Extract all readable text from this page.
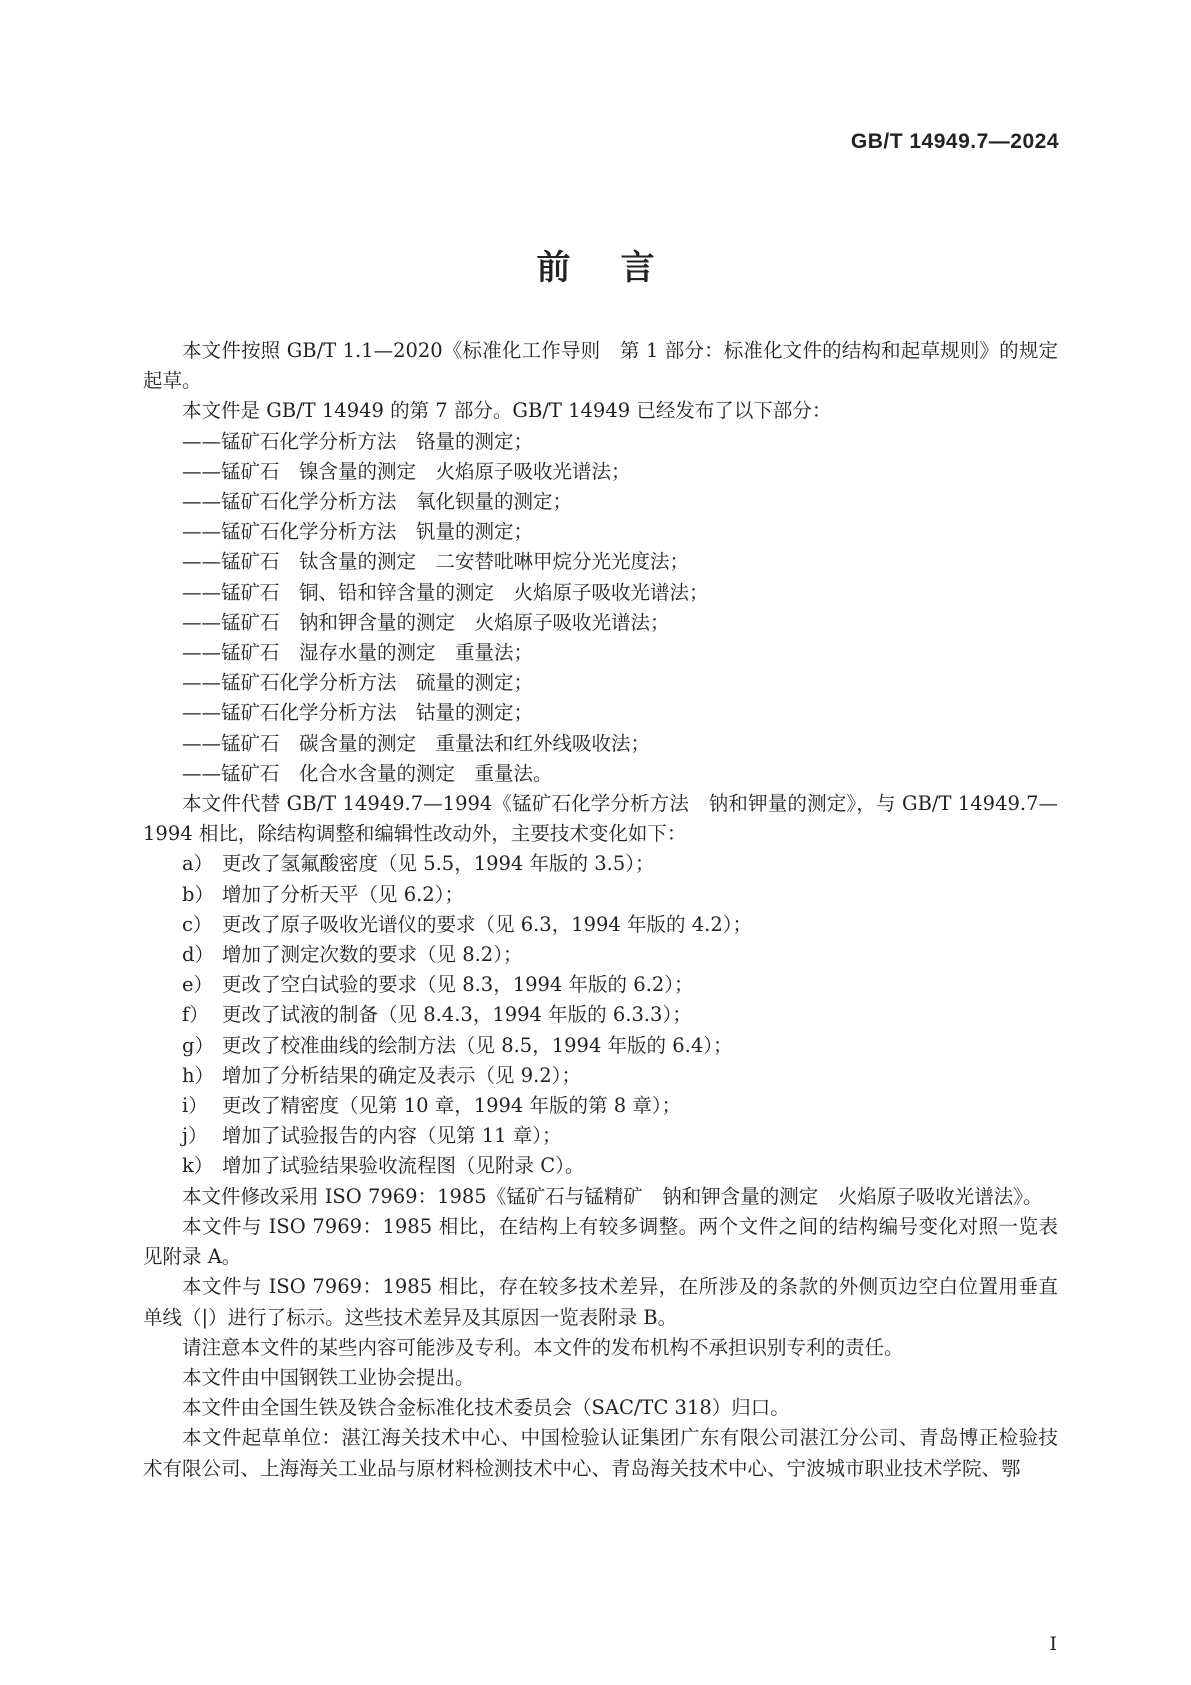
GB/T 14949.7—2024
前 言

本文件按照 GB/T 1.1—2020《标准化工作导则　第 1 部分：标准化文件的结构和起草规则》的规定起草。

本文件是 GB/T 14949 的第 7 部分。GB/T 14949 已经发布了以下部分：

——锰矿石化学分析方法　铬量的测定；

——锰矿石　镍含量的测定　火焰原子吸收光谱法；

——锰矿石化学分析方法　氧化钡量的测定；

——锰矿石化学分析方法　钒量的测定；

——锰矿石　钛含量的测定　二安替吡啉甲烷分光光度法；

——锰矿石　铜、铅和锌含量的测定　火焰原子吸收光谱法；

——锰矿石　钠和钾含量的测定　火焰原子吸收光谱法；

——锰矿石　湿存水量的测定　重量法；

——锰矿石化学分析方法　硫量的测定；

——锰矿石化学分析方法　钴量的测定；

——锰矿石　碳含量的测定　重量法和红外线吸收法；

——锰矿石　化合水含量的测定　重量法。

本文件代替 GB/T 14949.7—1994《锰矿石化学分析方法　钠和钾量的测定》，与 GB/T 14949.7—1994 相比，除结构调整和编辑性改动外，主要技术变化如下：

a） 更改了氢氟酸密度（见 5.5，1994 年版的 3.5）；
b） 增加了分析天平（见 6.2）；
c） 更改了原子吸收光谱仪的要求（见 6.3，1994 年版的 4.2）；
d） 增加了测定次数的要求（见 8.2）；
e） 更改了空白试验的要求（见 8.3，1994 年版的 6.2）；
f） 更改了试液的制备（见 8.4.3，1994 年版的 6.3.3）；
g） 更改了校准曲线的绘制方法（见 8.5，1994 年版的 6.4）；
h） 增加了分析结果的确定及表示（见 9.2）；
i） 更改了精密度（见第 10 章，1994 年版的第 8 章）；
j） 增加了试验报告的内容（见第 11 章）；
k） 增加了试验结果验收流程图（见附录 C）。

本文件修改采用 ISO 7969：1985《锰矿石与锰精矿　钠和钾含量的测定　火焰原子吸收光谱法》。

本文件与 ISO 7969：1985 相比，在结构上有较多调整。两个文件之间的结构编号变化对照一览表见附录 A。

本文件与 ISO 7969：1985 相比，存在较多技术差异，在所涉及的条款的外侧页边空白位置用垂直单线（|）进行了标示。这些技术差异及其原因一览表附录 B。

请注意本文件的某些内容可能涉及专利。本文件的发布机构不承担识别专利的责任。

本文件由中国钢铁工业协会提出。

本文件由全国生铁及铁合金标准化技术委员会（SAC/TC 318）归口。

本文件起草单位：湛江海关技术中心、中国检验认证集团广东有限公司湛江分公司、青岛博正检验技术有限公司、上海海关工业品与原材料检测技术中心、青岛海关技术中心、宁波城市职业技术学院、鄂

I
